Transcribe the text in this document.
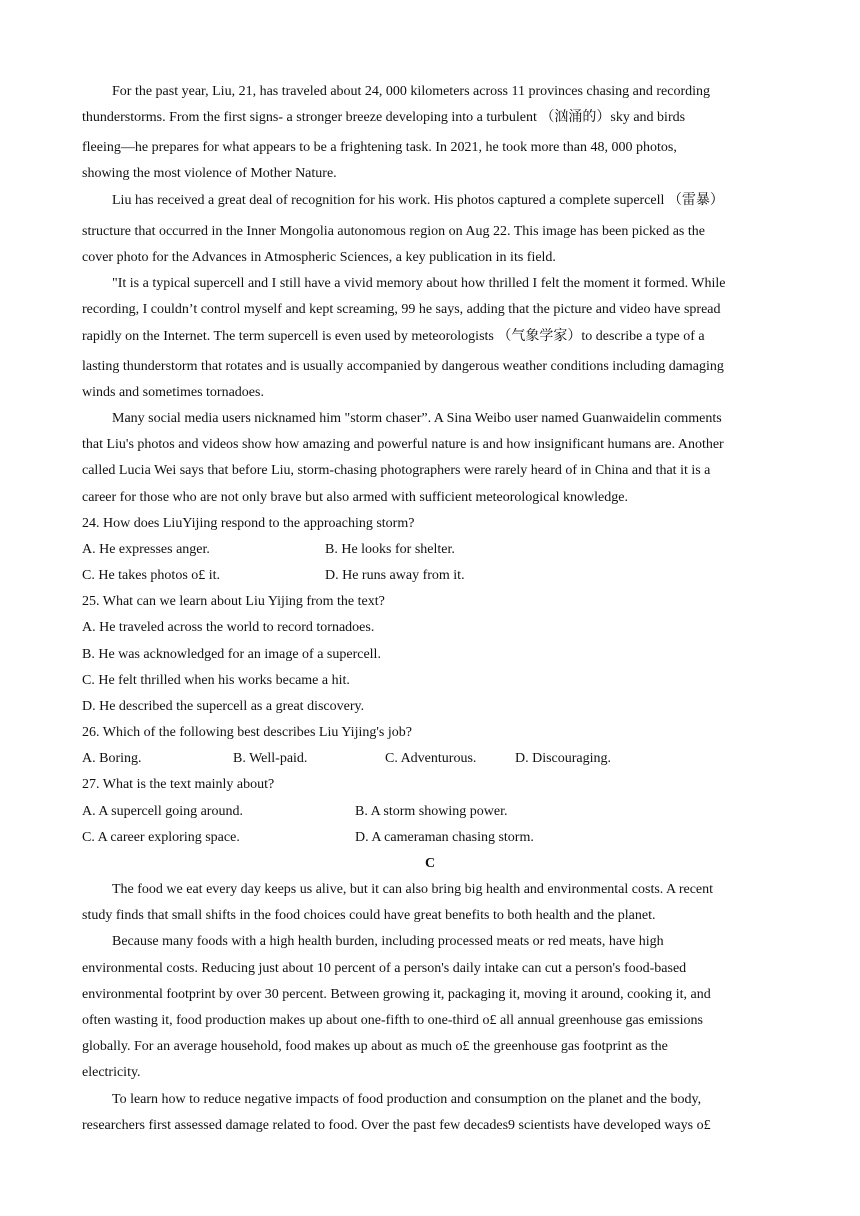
For the past year, Liu, 21, has traveled about 24, 000 kilometers across 11 provinces chasing and recording
thunderstorms. From the first signs- a stronger breeze developing into a turbulent （汹涌的）sky and birds
fleeing—he prepares for what appears to be a frightening task. In 2021, he took more than 48, 000 photos,
showing the most violence of Mother Nature.
Liu has received a great deal of recognition for his work. His photos captured a complete supercell （雷暴）
structure that occurred in the Inner Mongolia autonomous region on Aug 22. This image has been picked as the
cover photo for the Advances in Atmospheric Sciences, a key publication in its field.
"It is a typical supercell and I still have a vivid memory about how thrilled I felt the moment it formed. While
recording, I couldn’t control myself and kept screaming, 99 he says, adding that the picture and video have spread
rapidly on the Internet. The term supercell is even used by meteorologists （气象学家）to describe a type of a
lasting thunderstorm that rotates and is usually accompanied by dangerous weather conditions including damaging
winds and sometimes tornadoes.
Many social media users nicknamed him "storm chaser”. A Sina Weibo user named Guanwaidelin comments
that Liu's photos and videos show how amazing and powerful nature is and how insignificant humans are. Another
called Lucia Wei says that before Liu, storm-chasing photographers were rarely heard of in China and that it is a
career for those who are not only brave but also armed with sufficient meteorological knowledge.
24. How does LiuYijing respond to the approaching storm?
A. He expresses anger.	B. He looks for shelter.
C. He takes photos o£ it.	D. He runs away from it.
25. What can we learn about Liu Yijing from the text?
A. He traveled across the world to record tornadoes.
B. He was acknowledged for an image of a supercell.
C. He felt thrilled when his works became a hit.
D. He described the supercell as a great discovery.
26. Which of the following best describes Liu Yijing's job?
A. Boring.	B. Well-paid.	C. Adventurous.	D. Discouraging.
27. What is the text mainly about?
A. A supercell going around.	B. A storm showing power.
C. A career exploring space.	D. A cameraman chasing storm.
C
The food we eat every day keeps us alive, but it can also bring big health and environmental costs. A recent
study finds that small shifts in the food choices could have great benefits to both health and the planet.
Because many foods with a high health burden, including processed meats or red meats, have high
environmental costs. Reducing just about 10 percent of a person's daily intake can cut a person's food-based
environmental footprint by over 30 percent. Between growing it, packaging it, moving it around, cooking it, and
often wasting it, food production makes up about one-fifth to one-third o£ all annual greenhouse gas emissions
globally. For an average household, food makes up about as much o£ the greenhouse gas footprint as the
electricity.
To learn how to reduce negative impacts of food production and consumption on the planet and the body,
researchers first assessed damage related to food. Over the past few decades9 scientists have developed ways o£
